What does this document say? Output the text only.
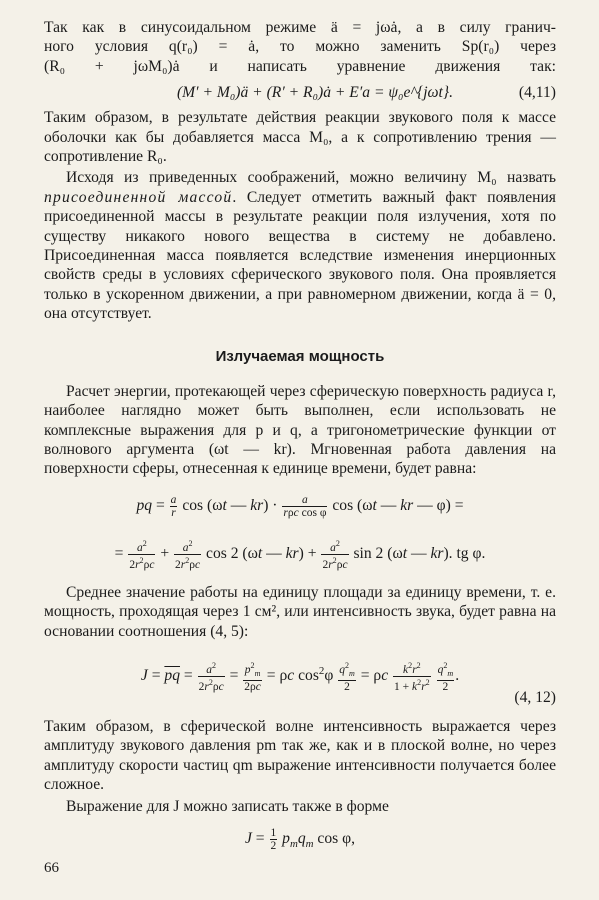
Так как в синусоидальном режиме ä = jωȧ, а в силу гранич-
ного условия q(r₀) = ȧ, то можно заменить Sp(r₀) через
(R₀ + jωM₀)ȧ и написать уравнение движения так:

(M′ + M₀)ä + (R′ + R₀)ȧ + E′a = ψ₀e^{jωt}.	(4,11)

Таким образом, в результате действия реакции звукового поля к массе оболочки как бы добавляется масса M₀, а к сопротивлению трения — сопротивление R₀.

Исходя из приведенных соображений, можно величину M₀ назвать присоединенной массой. Следует отметить важный факт появления присоединенной массы в результате реакции поля излучения, хотя по существу никакого нового вещества в систему не добавлено. Присоединенная масса появляется вследствие изменения инерционных свойств среды в условиях сферического звукового поля. Она проявляется только в ускоренном движении, а при равномерном движении, когда ä = 0, она отсутствует.

Излучаемая мощность

Расчет энергии, протекающей через сферическую поверхность радиуса r, наиболее наглядно может быть выполнен, если использовать не комплексные выражения для p и q, а тригонометрические функции от волнового аргумента (ωt — kr). Мгновенная работа давления на поверхности сферы, отнесенная к единице времени, будет равна:

pq = $\frac{a}{r}$ cos (ωt — $kr) \cdot \frac{a}{\text{rρc cos φ}}$ cos (ωt — kr — φ) =
= $\frac{a^2}{2r^2\rho c} + \frac{a^2}{2r^2\rho c}$ cos 2 (ωt — $kr) + \frac{a^2}{2r^2\rho c}$ sin 2 (ωt — kr). tg φ.

Среднее значение работы на единицу площади за единицу времени, т. е. мощность, проходящая через 1 см², или интенсивность звука, будет равна на основании соотношения (4, 5):

$J = \overline{pq} = \frac{a^2}{2r^2\rho c} = \frac{p^2_m}{2\rho c} = \rho c$ $\cos^2\varphi \frac{q^2_m}{2} = \rho c \frac{k^2r^2}{1 + k^2r^2}$
$\frac{q^2_m}{2}$ .
(4, 12)

Таким образом, в сферической волне интенсивность выражается через амплитуду звукового давления pm так же, как и в плоской волне, но через амплитуду скорости частиц qm выражение интенсивности получается более сложное.

Выражение для J можно записать также в форме

$J = \frac{1}{2} p_mq_m$ cos φ,
66
